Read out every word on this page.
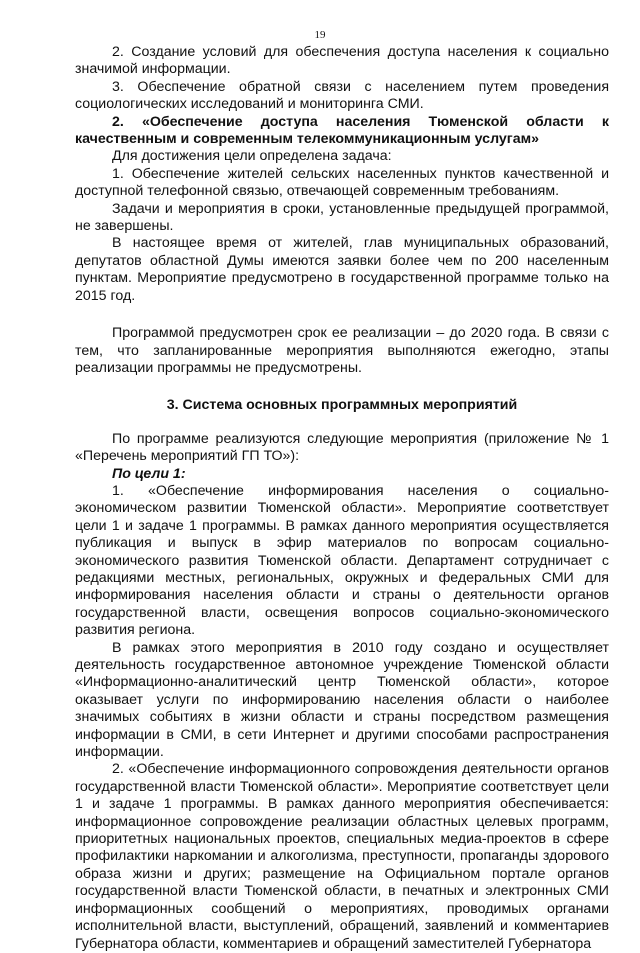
19

2. Создание условий для обеспечения доступа населения к социально значимой информации.

3. Обеспечение обратной связи с населением путем проведения социологических исследований и мониторинга СМИ.

2. «Обеспечение доступа населения Тюменской области к качественным и современным телекоммуникационным услугам»

Для достижения цели определена задача:

1. Обеспечение жителей сельских населенных пунктов качественной и доступной телефонной связью, отвечающей современным требованиям.

Задачи и мероприятия в сроки, установленные предыдущей программой, не завершены.

В настоящее время от жителей, глав муниципальных образований, депутатов областной Думы имеются заявки более чем по 200 населенным пунктам. Мероприятие предусмотрено в государственной программе только на 2015 год.

Программой предусмотрен срок ее реализации – до 2020 года. В связи с тем, что запланированные мероприятия выполняются ежегодно, этапы реализации программы не предусмотрены.

3. Система основных программных мероприятий

По программе реализуются следующие мероприятия (приложение № 1 «Перечень мероприятий ГП ТО»):

По цели 1:

1. «Обеспечение информирования населения о социально-экономическом развитии Тюменской области». Мероприятие соответствует цели 1 и задаче 1 программы. В рамках данного мероприятия осуществляется публикация и выпуск в эфир материалов по вопросам социально-экономического развития Тюменской области. Департамент сотрудничает с редакциями местных, региональных, окружных и федеральных СМИ для информирования населения области и страны о деятельности органов государственной власти, освещения вопросов социально-экономического развития региона.

В рамках этого мероприятия в 2010 году создано и осуществляет деятельность государственное автономное учреждение Тюменской области «Информационно-аналитический центр Тюменской области», которое оказывает услуги по информированию населения области о наиболее значимых событиях в жизни области и страны посредством размещения информации в СМИ, в сети Интернет и другими способами распространения информации.

2. «Обеспечение информационного сопровождения деятельности органов государственной власти Тюменской области». Мероприятие соответствует цели 1 и задаче 1 программы. В рамках данного мероприятия обеспечивается: информационное сопровождение реализации областных целевых программ, приоритетных национальных проектов, специальных медиа-проектов в сфере профилактики наркомании и алкоголизма, преступности, пропаганды здорового образа жизни и других; размещение на Официальном портале органов государственной власти Тюменской области, в печатных и электронных СМИ информационных сообщений о мероприятиях, проводимых органами исполнительной власти, выступлений, обращений, заявлений и комментариев Губернатора области, комментариев и обращений заместителей Губернатора
